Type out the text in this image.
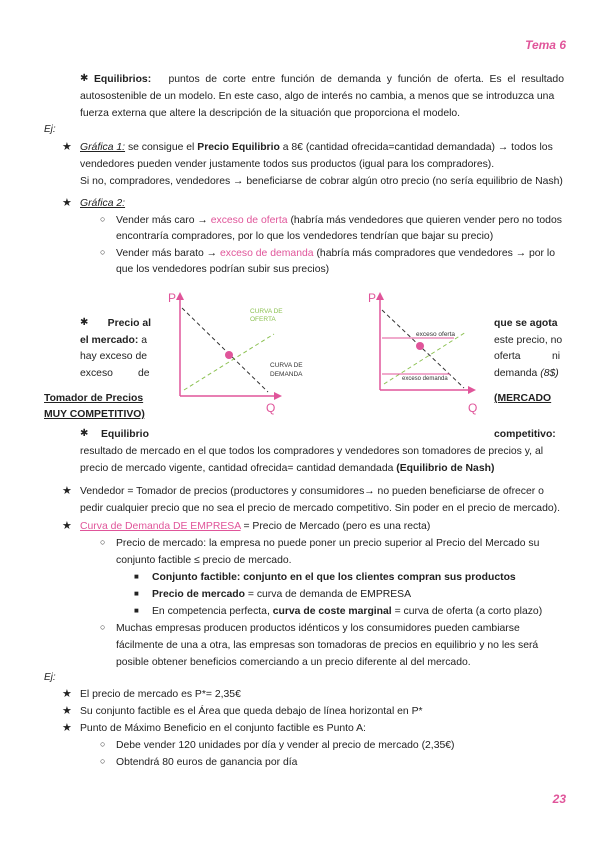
Tema 6
✱ Equilibrios: puntos de corte entre función de demanda y función de oferta. Es el resultado
autosostenible de un modelo. En este caso, algo de interés no cambia, a menos que se introduzca una
fuerza externa que altere la descripción de la situación que proporciona el modelo.
Ej:
★ Gráfica 1: se consigue el Precio Equilibrio a 8€ (cantidad ofrecida=cantidad demandada) → todos los
vendedores pueden vender justamente todos sus productos (igual para los compradores).
Si no, compradores, vendedores → beneficiarse de cobrar algún otro precio (no sería equilibrio de Nash)
★ Gráfica 2:
○ Vender más caro → exceso de oferta (habría más vendedores que quieren vender pero no todos
encontraría compradores, por lo que los vendedores tendrían que bajar su precio)
○ Vender más barato → exceso de demanda (habría más compradores que vendedores → por lo
que los vendedores podrían subir sus precios)
P
Q
CURVA DE
OFERTA
CURVA DE
DEMANDA
P
Q
exceso oferta
exceso demanda
✱	Precio al
el mercado: a
hay exceso de
exceso de
Tomador de Precios
MUY COMPETITIVO)
que se agota
este precio, no
oferta	ni
demanda (8$)
(MERCADO
✱ Equilibrio	competitivo:
resultado de mercado en el que todos los compradores y vendedores son tomadores de precios y, al
precio de mercado vigente, cantidad ofrecida= cantidad demandada (Equilibrio de Nash)
★ Vendedor = Tomador de precios (productores y consumidores→ no pueden beneficiarse de ofrecer o
pedir cualquier precio que no sea el precio de mercado competitivo. Sin poder en el precio de mercado).
★ Curva de Demanda DE EMPRESA = Precio de Mercado (pero es una recta)
○ Precio de mercado: la empresa no puede poner un precio superior al Precio del Mercado su
conjunto factible ≤ precio de mercado.
■ Conjunto factible: conjunto en el que los clientes compran sus productos
■ Precio de mercado = curva de demanda de EMPRESA
■ En competencia perfecta, curva de coste marginal = curva de oferta (a corto plazo)
○ Muchas empresas producen productos idénticos y los consumidores pueden cambiarse
fácilmente de una a otra, las empresas son tomadoras de precios en equilibrio y no les será
posible obtener beneficios comerciando a un precio diferente al del mercado.
Ej:
★ El precio de mercado es P*= 2,35€
★ Su conjunto factible es el Área que queda debajo de línea horizontal en P*
★ Punto de Máximo Beneficio en el conjunto factible es Punto A:
○ Debe vender 120 unidades por día y vender al precio de mercado (2,35€)
○ Obtendrá 80 euros de ganancia por día
23
